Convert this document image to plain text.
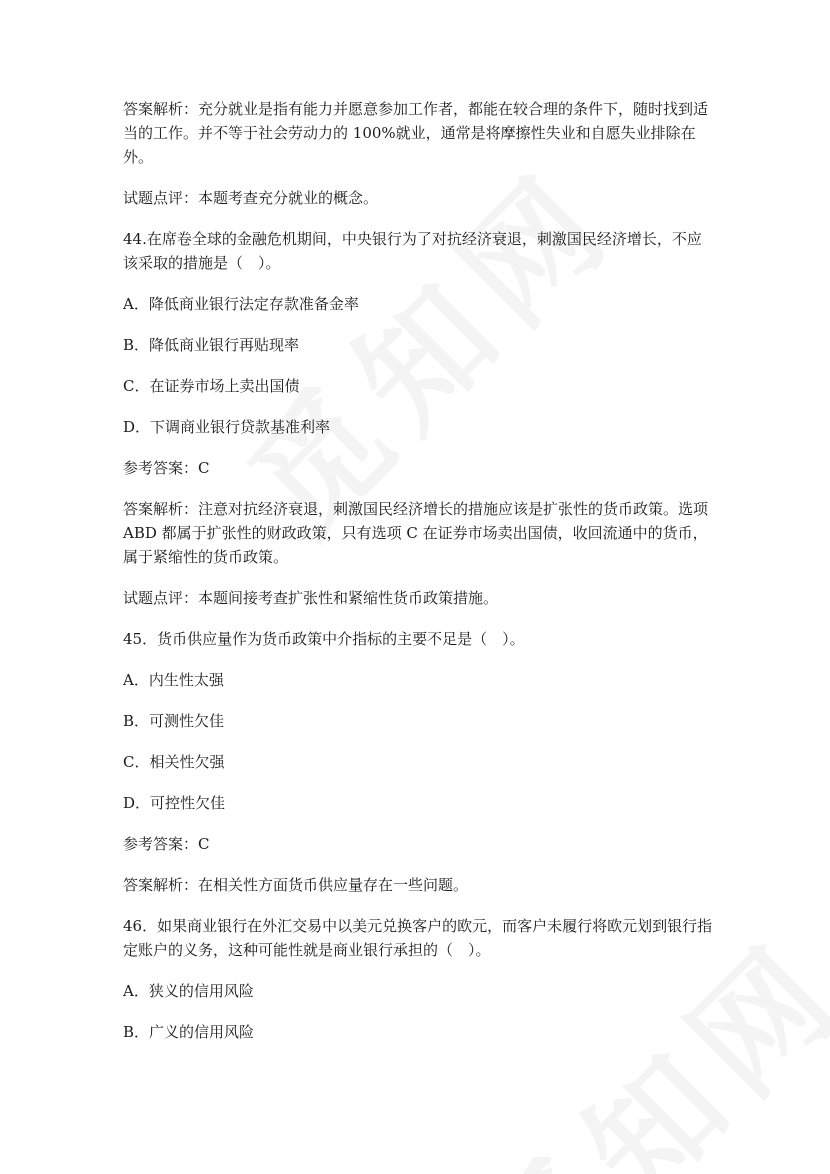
答案解析：充分就业是指有能力并愿意参加工作者，都能在较合理的条件下，随时找到适当的工作。并不等于社会劳动力的 100%就业，通常是将摩擦性失业和自愿失业排除在外。

试题点评：本题考查充分就业的概念。

44.在席卷全球的金融危机期间，中央银行为了对抗经济衰退，刺激国民经济增长，不应该采取的措施是（　）。

A．降低商业银行法定存款准备金率

B．降低商业银行再贴现率

C．在证券市场上卖出国债

D．下调商业银行贷款基准利率

参考答案：C

答案解析：注意对抗经济衰退，刺激国民经济增长的措施应该是扩张性的货币政策。选项 ABD 都属于扩张性的财政政策，只有选项 C 在证券市场卖出国债，收回流通中的货币，属于紧缩性的货币政策。

试题点评：本题间接考查扩张性和紧缩性货币政策措施。

45．货币供应量作为货币政策中介指标的主要不足是（　）。

A．内生性太强

B．可测性欠佳

C．相关性欠强

D．可控性欠佳

参考答案：C

答案解析：在相关性方面货币供应量存在一些问题。

46．如果商业银行在外汇交易中以美元兑换客户的欧元，而客户未履行将欧元划到银行指定账户的义务，这种可能性就是商业银行承担的（　）。

A．狭义的信用风险

B．广义的信用风险
